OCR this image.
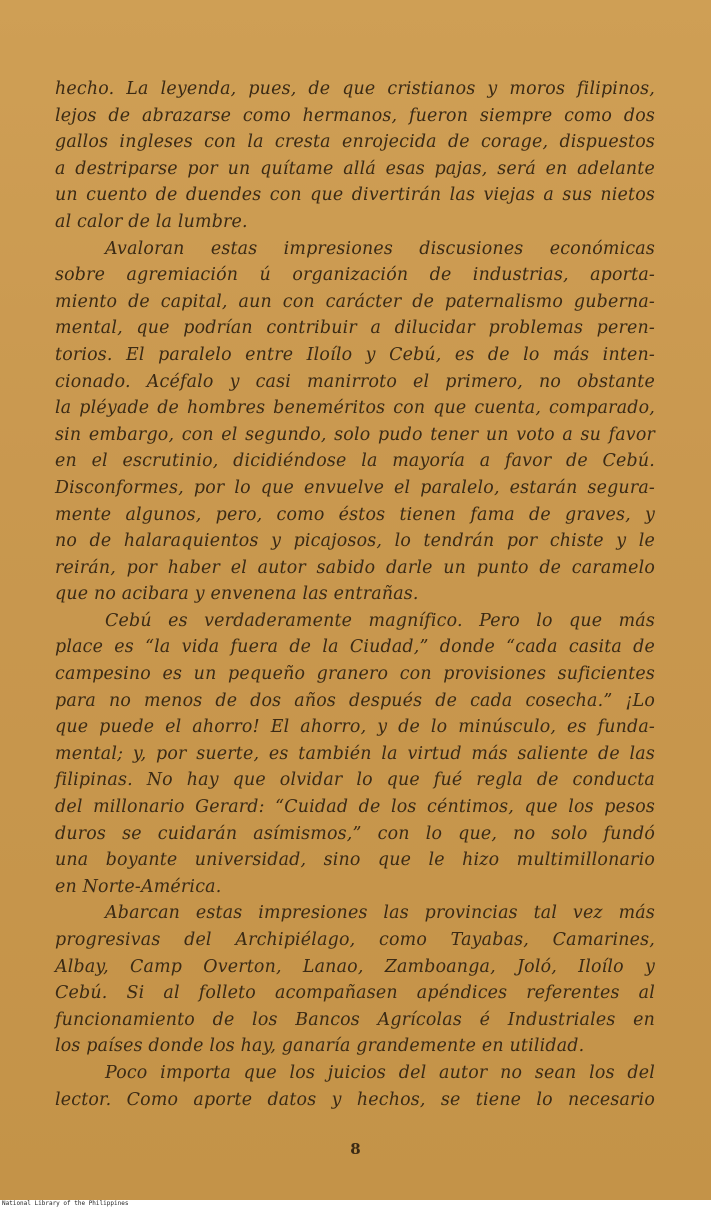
hecho. La leyenda, pues, de que cristianos y moros filipinos,
lejos de abrazarse como hermanos, fueron siempre como dos
gallos ingleses con la cresta enrojecida de corage, dispuestos
a destriparse por un quítame allá esas pajas, será en adelante
un cuento de duendes con que divertirán las viejas a sus nietos
al calor de la lumbre.
Avaloran estas impresiones discusiones económicas
sobre agremiación ú organización de industrias, aporta-
miento de capital, aun con carácter de paternalismo guberna-
mental, que podrían contribuir a dilucidar problemas peren-
torios. El paralelo entre Iloílo y Cebú, es de lo más inten-
cionado. Acéfalo y casi manirroto el primero, no obstante
la pléyade de hombres beneméritos con que cuenta, comparado,
sin embargo, con el segundo, solo pudo tener un voto a su favor
en el escrutinio, dicidiéndose la mayoría a favor de Cebú.
Disconformes, por lo que envuelve el paralelo, estarán segura-
mente algunos, pero, como éstos tienen fama de graves, y
no de halaraquientos y picajosos, lo tendrán por chiste y le
reirán, por haber el autor sabido darle un punto de caramelo
que no acibara y envenena las entrañas.
Cebú es verdaderamente magnífico. Pero lo que más
place es “la vida fuera de la Ciudad,” donde “cada casita de
campesino es un pequeño granero con provisiones suficientes
para no menos de dos años después de cada cosecha.” ¡Lo
que puede el ahorro! El ahorro, y de lo minúsculo, es funda-
mental; y, por suerte, es también la virtud más saliente de las
filipinas. No hay que olvidar lo que fué regla de conducta
del millonario Gerard: “Cuidad de los céntimos, que los pesos
duros se cuidarán asímismos,” con lo que, no solo fundó
una boyante universidad, sino que le hizo multimillonario
en Norte-América.
Abarcan estas impresiones las provincias tal vez más
progresivas del Archipiélago, como Tayabas, Camarines,
Albay, Camp Overton, Lanao, Zamboanga, Joló, Iloílo y
Cebú. Si al folleto acompañasen apéndices referentes al
funcionamiento de los Bancos Agrícolas é Industriales en
los países donde los hay, ganaría grandemente en utilidad.
Poco importa que los juicios del autor no sean los del
lector. Como aporte datos y hechos, se tiene lo necesario
8
National Library of the Philippines
